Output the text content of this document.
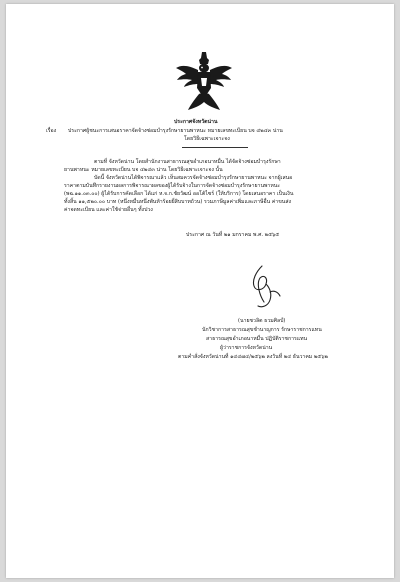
ประกาศจังหวัดน่าน
เรื่อง ประกาศผู้ชนะการเสนอราคาจัดจ้างซ่อมบำรุงรักษายานพาหนะ หมายเลขทะเบียน บจ ๔๒๔๓ น่าน
โดยวิธีเฉพาะเจาะจง
ตามที่ จังหวัดน่าน โดยสำนักงานสาธารณสุขอำเภอนาหมื่น ได้จัดจ้างซ่อมบำรุงรักษา
ยานพาหนะ หมายเลขทะเบียน บจ ๔๒๔๓ น่าน โดยวิธีเฉพาะเจาะจง นั้น
บัดนี้ จังหวัดน่านได้พิจารณาแล้ว เห็นสมควรจัดจ้างซ่อมบำรุงรักษายานพาหนะ จากผู้เสนอ
ราคาตามบันทึกรายงานผลการพิจารณาผลของผู้ได้รับจ้างในการจัดจ้างซ่อมบำรุงรักษายานพาหนะ
(พฉ.๑๑.๐๓.๐๐) ผู้ได้รับการคัดเลือก ได้แก่ ห.จ.ก.ชัยวัฒน์ ออโต้ไซร์ (ให้บริการ) โดยเสนอราคา เป็นเงิน
ทั้งสิ้น ๑๑,๕๒๐.๐๐ บาท (หนึ่งหมื่นหนึ่งพันห้าร้อยยี่สิบบาทถ้วน) รวมภาษีมูลค่าเพิ่มและภาษีอื่น ค่าขนส่ง
ค่าจดทะเบียน และค่าใช้จ่ายอื่นๆ ทั้งปวง
ประกาศ ณ วันที่ ๒๑ มกราคม พ.ศ. ๒๕๖๕
(นายชวลิต ธวมศิลป์)
นักวิชาการสาธารณสุขชำนาญการ รักษาราชการแทน
สาธารณสุขอำเภอนาหมื่น ปฏิบัติราชการแทน
ผู้ว่าราชการจังหวัดน่าน
ตามคำสั่งจังหวัดน่านที่ ๑๔๔๗๔/๒๕๖๒ ลงวันที่ ๒๔ ธันวาคม ๒๕๖๒
